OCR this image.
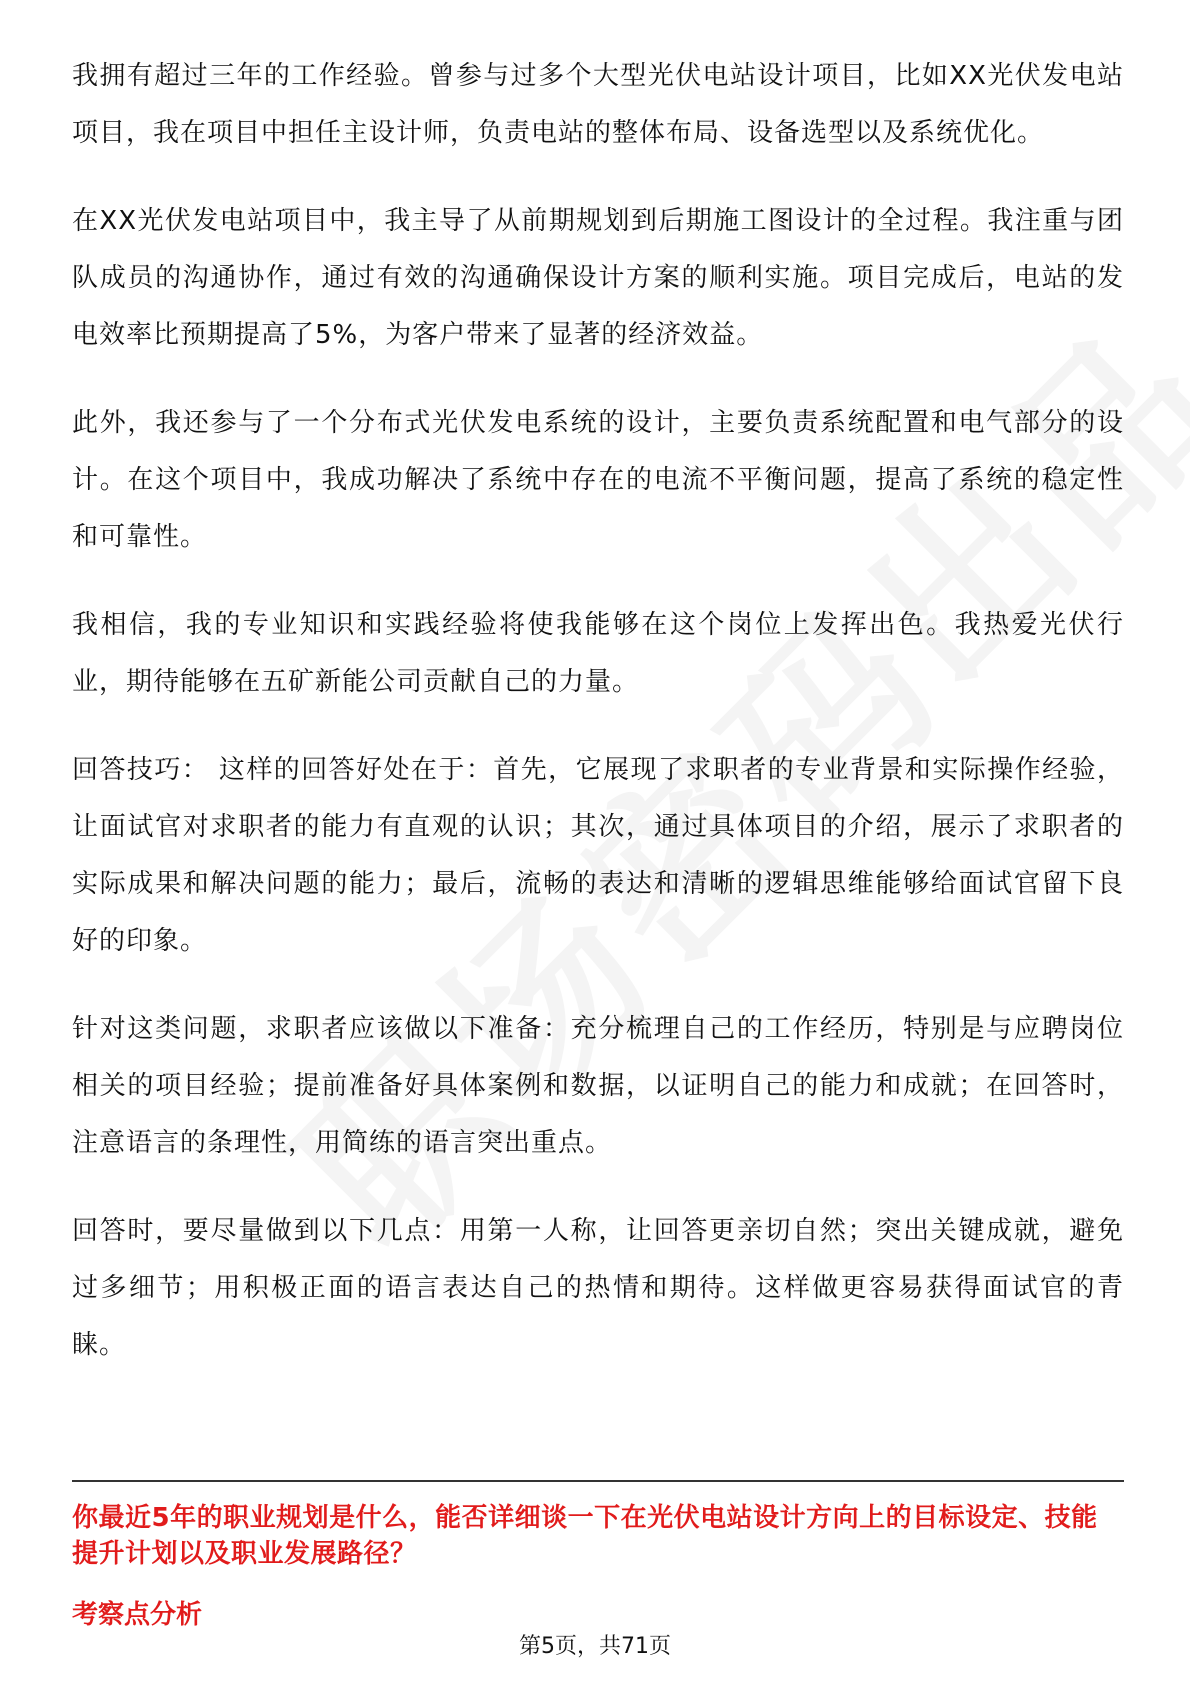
我拥有超过三年的工作经验。曾参与过多个大型光伏电站设计项目，比如XX光伏发电站项目，我在项目中担任主设计师，负责电站的整体布局、设备选型以及系统优化。

在XX光伏发电站项目中，我主导了从前期规划到后期施工图设计的全过程。我注重与团队成员的沟通协作，通过有效的沟通确保设计方案的顺利实施。项目完成后，电站的发电效率比预期提高了5%，为客户带来了显著的经济效益。

此外，我还参与了一个分布式光伏发电系统的设计，主要负责系统配置和电气部分的设计。在这个项目中，我成功解决了系统中存在的电流不平衡问题，提高了系统的稳定性和可靠性。

我相信，我的专业知识和实践经验将使我能够在这个岗位上发挥出色。我热爱光伏行业，期待能够在五矿新能公司贡献自己的力量。

回答技巧： 这样的回答好处在于：首先，它展现了求职者的专业背景和实际操作经验，让面试官对求职者的能力有直观的认识；其次，通过具体项目的介绍，展示了求职者的实际成果和解决问题的能力；最后，流畅的表达和清晰的逻辑思维能够给面试官留下良好的印象。

针对这类问题，求职者应该做以下准备：充分梳理自己的工作经历，特别是与应聘岗位相关的项目经验；提前准备好具体案例和数据，以证明自己的能力和成就；在回答时，注意语言的条理性，用简练的语言突出重点。

回答时，要尽量做到以下几点：用第一人称，让回答更亲切自然；突出关键成就，避免过多细节；用积极正面的语言表达自己的热情和期待。这样做更容易获得面试官的青睐。

你最近5年的职业规划是什么，能否详细谈一下在光伏电站设计方向上的目标设定、技能提升计划以及职业发展路径？
考察点分析
第5页，共71页
